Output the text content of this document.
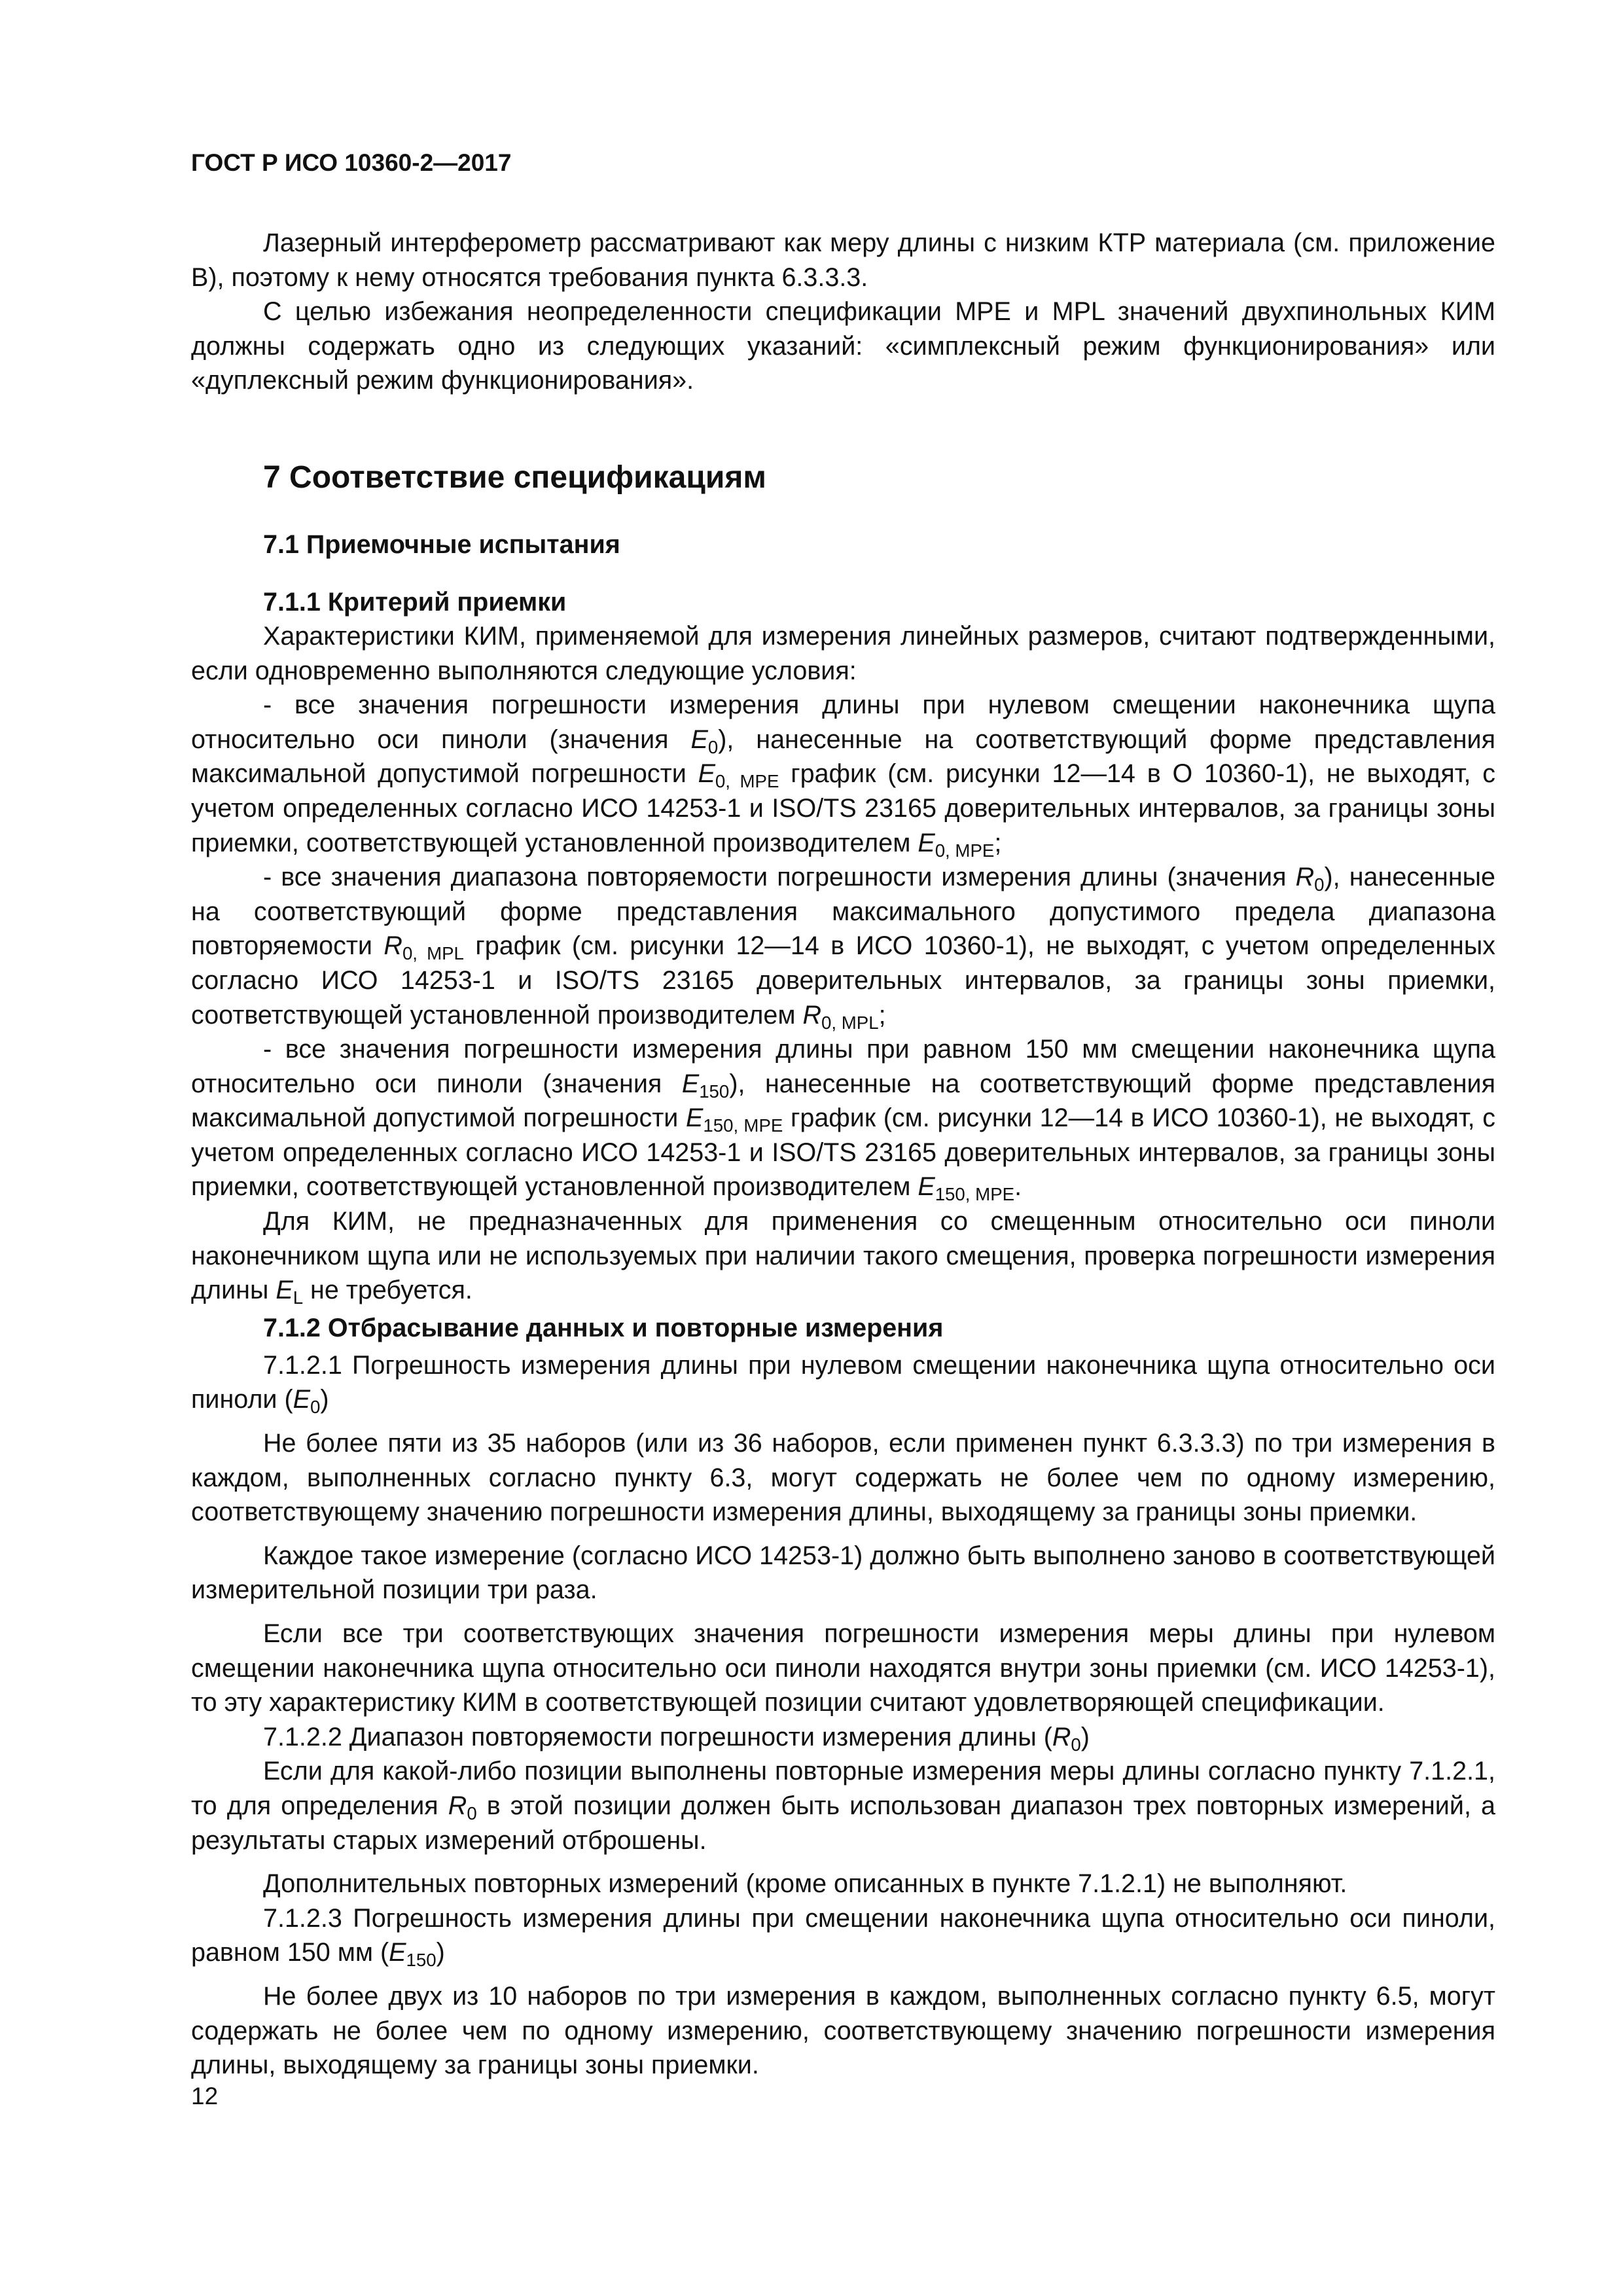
ГОСТ Р ИСО 10360-2—2017

Лазерный интерферометр рассматривают как меру длины с низким КТР материала (см. приложение В), поэтому к нему относятся требования пункта 6.3.3.3.

С целью избежания неопределенности спецификации MPE и MPL значений двухпинольных КИМ должны содержать одно из следующих указаний: «симплексный режим функционирования» или «дуплексный режим функционирования».

7 Соответствие спецификациям
7.1 Приемочные испытания
7.1.1 Критерий приемки

Характеристики КИМ, применяемой для измерения линейных размеров, считают подтвержденными, если одновременно выполняются следующие условия:

- все значения погрешности измерения длины при нулевом смещении наконечника щупа относительно оси пиноли (значения $E_0$), нанесенные на соответствующий форме представления максимальной допустимой погрешности $E_{0, MPE}$ график (см. рисунки 12—14 в О 10360-1), не выходят, с учетом определенных согласно ИСО 14253-1 и ISO/TS 23165 доверительных интервалов, за границы зоны приемки, соответствующей установленной производителем $E_{0, MPE}$;

- все значения диапазона повторяемости погрешности измерения длины (значения $R_0$), нанесенные на соответствующий форме представления максимального допустимого предела диапазона повторяемости $R_{0, MPL}$ график (см. рисунки 12—14 в ИСО 10360-1), не выходят, с учетом определенных согласно ИСО 14253-1 и ISO/TS 23165 доверительных интервалов, за границы зоны приемки, соответствующей установленной производителем $R_{0, MPL}$;

- все значения погрешности измерения длины при равном 150 мм смещении наконечника щупа относительно оси пиноли (значения $E_{150}$), нанесенные на соответствующий форме представления максимальной допустимой погрешности $E_{150, MPE}$ график (см. рисунки 12—14 в ИСО 10360-1), не выходят, с учетом определенных согласно ИСО 14253-1 и ISO/TS 23165 доверительных интервалов, за границы зоны приемки, соответствующей установленной производителем $E_{150, MPE}$.

Для КИМ, не предназначенных для применения со смещенным относительно оси пиноли наконечником щупа или не используемых при наличии такого смещения, проверка погрешности измерения длины $E_L$ не требуется.

7.1.2 Отбрасывание данных и повторные измерения

7.1.2.1 Погрешность измерения длины при нулевом смещении наконечника щупа относительно оси пиноли $(E_0)$

Не более пяти из 35 наборов (или из 36 наборов, если применен пункт 6.3.3.3) по три измерения в каждом, выполненных согласно пункту 6.3, могут содержать не более чем по одному измерению, соответствующему значению погрешности измерения длины, выходящему за границы зоны приемки.

Каждое такое измерение (согласно ИСО 14253-1) должно быть выполнено заново в соответствующей измерительной позиции три раза.

Если все три соответствующих значения погрешности измерения меры длины при нулевом смещении наконечника щупа относительно оси пиноли находятся внутри зоны приемки (см. ИСО 14253-1), то эту характеристику КИМ в соответствующей позиции считают удовлетворяющей спецификации.

7.1.2.2 Диапазон повторяемости погрешности измерения длины $(R_0)$

Если для какой-либо позиции выполнены повторные измерения меры длины согласно пункту 7.1.2.1, то для определения $R_0$ в этой позиции должен быть использован диапазон трех повторных измерений, а результаты старых измерений отброшены.

Дополнительных повторных измерений (кроме описанных в пункте 7.1.2.1) не выполняют.

7.1.2.3 Погрешность измерения длины при смещении наконечника щупа относительно оси пиноли, равном 150 мм $(E_{150})$

Не более двух из 10 наборов по три измерения в каждом, выполненных согласно пункту 6.5, могут содержать не более чем по одному измерению, соответствующему значению погрешности измерения длины, выходящему за границы зоны приемки.

12
